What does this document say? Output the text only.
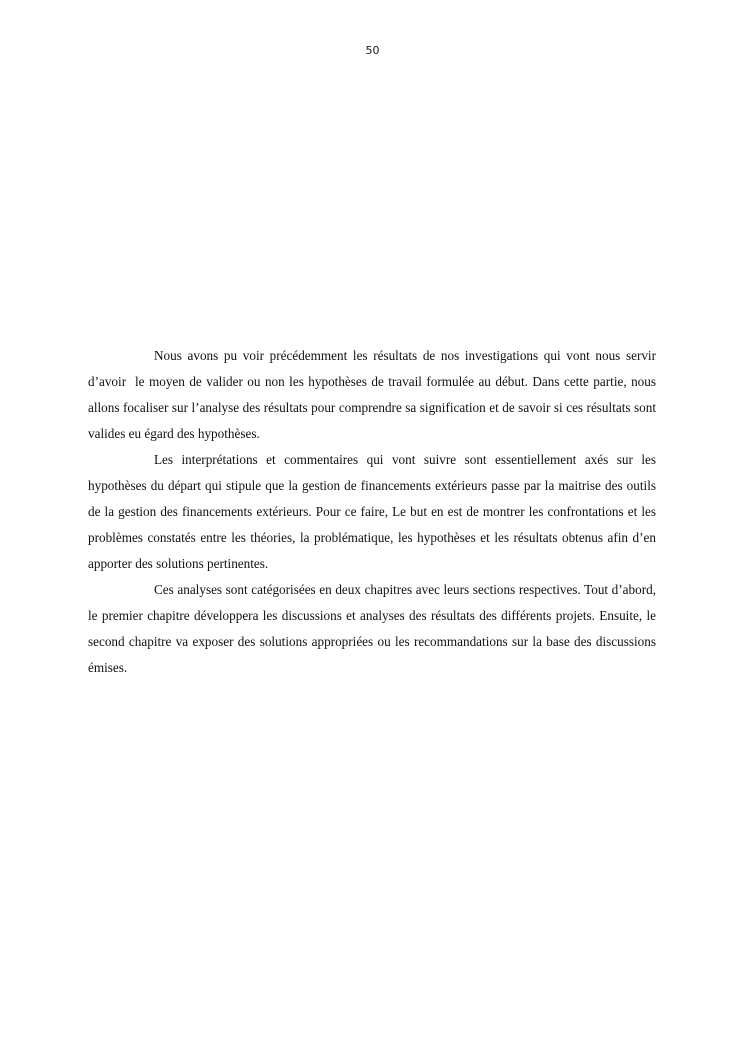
50

Nous avons pu voir précédemment les résultats de nos investigations qui vont nous servir d’avoir  le moyen de valider ou non les hypothèses de travail formulée au début. Dans cette partie, nous allons focaliser sur l’analyse des résultats pour comprendre sa signification et de savoir si ces résultats sont valides eu égard des hypothèses.

Les interprétations et commentaires qui vont suivre sont essentiellement axés sur les hypothèses du départ qui stipule que la gestion de financements extérieurs passe par la maitrise des outils de la gestion des financements extérieurs. Pour ce faire, Le but en est de montrer les confrontations et les problèmes constatés entre les théories, la problématique, les hypothèses et les résultats obtenus afin d’en apporter des solutions pertinentes.

Ces analyses sont catégorisées en deux chapitres avec leurs sections respectives. Tout d’abord, le premier chapitre développera les discussions et analyses des résultats des différents projets. Ensuite, le second chapitre va exposer des solutions appropriées ou les recommandations sur la base des discussions émises.
